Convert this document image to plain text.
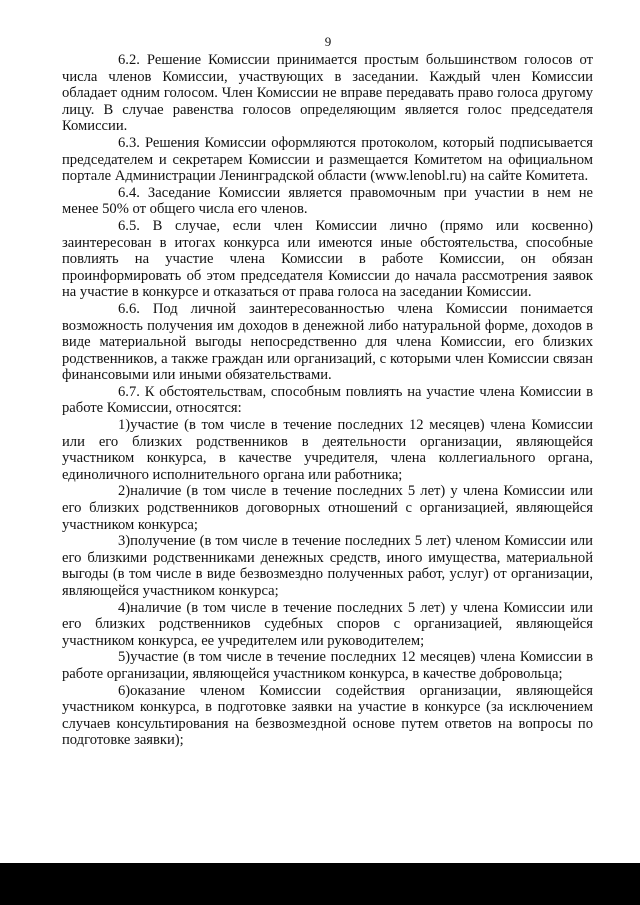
9

6.2. Решение Комиссии принимается простым большинством голосов от числа членов Комиссии, участвующих в заседании. Каждый член Комиссии обладает одним голосом. Член Комиссии не вправе передавать право голоса другому лицу. В случае равенства голосов определяющим является голос председателя Комиссии.

6.3. Решения Комиссии оформляются протоколом, который подписывается председателем и секретарем Комиссии и размещается Комитетом на официальном портале Администрации Ленинградской области (www.lenobl.ru) на сайте Комитета.

6.4. Заседание Комиссии является правомочным при участии в нем не менее 50% от общего числа его членов.

6.5. В случае, если член Комиссии лично (прямо или косвенно) заинтересован в итогах конкурса или имеются иные обстоятельства, способные повлиять на участие члена Комиссии в работе Комиссии, он обязан проинформировать об этом председателя Комиссии до начала рассмотрения заявок на участие в конкурсе и отказаться от права голоса на заседании Комиссии.

6.6. Под личной заинтересованностью члена Комиссии понимается возможность получения им доходов в денежной либо натуральной форме, доходов в виде материальной выгоды непосредственно для члена Комиссии, его близких родственников, а также граждан или организаций, с которыми член Комиссии связан финансовыми или иными обязательствами.

6.7. К обстоятельствам, способным повлиять на участие члена Комиссии в работе Комиссии, относятся:

1)участие (в том числе в течение последних 12 месяцев) члена Комиссии или его близких родственников в деятельности организации, являющейся участником конкурса, в качестве учредителя, члена коллегиального органа, единоличного исполнительного органа или работника;

2)наличие (в том числе в течение последних 5 лет) у члена Комиссии или его близких родственников договорных отношений с организацией, являющейся участником конкурса;

3)получение (в том числе в течение последних 5 лет) членом Комиссии или его близкими родственниками денежных средств, иного имущества, материальной выгоды (в том числе в виде безвозмездно полученных работ, услуг) от организации, являющейся участником конкурса;

4)наличие (в том числе в течение последних 5 лет) у члена Комиссии или его близких родственников судебных споров с организацией, являющейся участником конкурса, ее учредителем или руководителем;

5)участие (в том числе в течение последних 12 месяцев) члена Комиссии в работе организации, являющейся участником конкурса, в качестве добровольца;

6)оказание членом Комиссии содействия организации, являющейся участником конкурса, в подготовке заявки на участие в конкурсе (за исключением случаев консультирования на безвозмездной основе путем ответов на вопросы по подготовке заявки);
